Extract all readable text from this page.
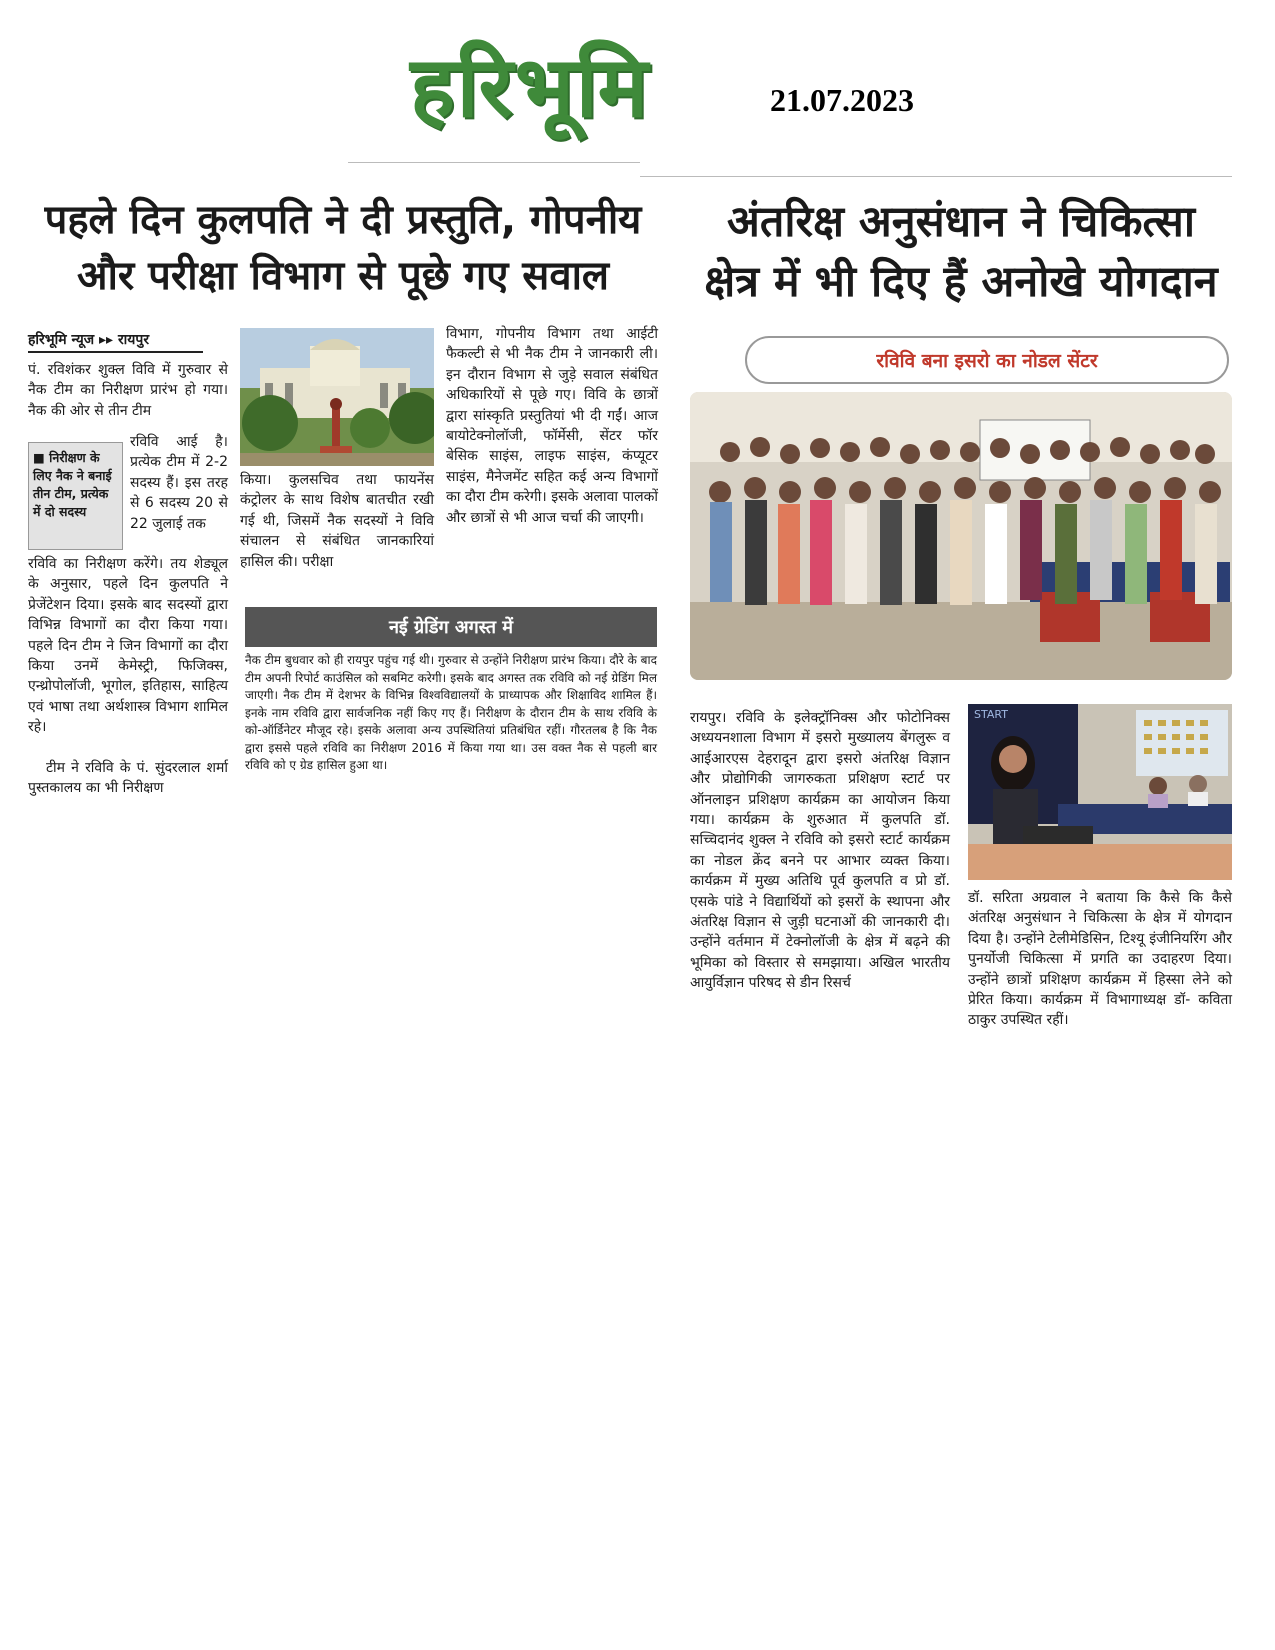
हरिभूमि	21.07.2023
पहले दिन कुलपति ने दी प्रस्तुति, गोपनीय
और परीक्षा विभाग से पूछे गए सवाल
हरिभूमि न्यूज ▸▸ रायपुर
पं. रविशंकर शुक्ल विवि में गुरुवार से नैक टीम का निरीक्षण प्रारंभ हो गया। नैक की ओर से तीन टीम
■ निरीक्षण के लिए नैक ने बनाई तीन टीम, प्रत्येक में दो सदस्य
रविवि आई है। प्रत्येक टीम में 2-2 सदस्य हैं। इस तरह से 6 सदस्य 20 से 22 जुलाई तक
रविवि का निरीक्षण करेंगे। तय शेड्यूल के अनुसार, पहले दिन कुलपति ने प्रेजेंटेशन दिया। इसके बाद सदस्यों द्वारा विभिन्न विभागों का दौरा किया गया। पहले दिन टीम ने जिन विभागों का दौरा किया उनमें केमेस्ट्री, फिजिक्स, एन्थ्रोपोलॉजी, भूगोल, इतिहास, साहित्य एवं भाषा तथा अर्थशास्त्र विभाग शामिल रहे।
टीम ने रविवि के पं. सुंदरलाल शर्मा पुस्तकालय का भी निरीक्षण
किया। कुलसचिव तथा फायनेंस कंट्रोलर के साथ विशेष बातचीत रखी गई थी, जिसमें नैक सदस्यों ने विवि संचालन से संबंधित जानकारियां हासिल की। परीक्षा
विभाग, गोपनीय विभाग तथा आईटी फैकल्टी से भी नैक टीम ने जानकारी ली। इन दौरान विभाग से जुड़े सवाल संबंधित अधिकारियों से पूछे गए। विवि के छात्रों द्वारा सांस्कृति प्रस्तुतियां भी दी गईं। आज बायोटेक्नोलॉजी, फॉर्मेसी, सेंटर फॉर बेसिक साइंस, लाइफ साइंस, कंप्यूटर साइंस, मैनेजमेंट सहित कई अन्य विभागों का दौरा टीम करेगी। इसके अलावा पालकों और छात्रों से भी आज चर्चा की जाएगी।
नई ग्रेडिंग अगस्त में
नैक टीम बुधवार को ही रायपुर पहुंच गई थी। गुरुवार से उन्होंने निरीक्षण प्रारंभ किया। दौरे के बाद टीम अपनी रिपोर्ट काउंसिल को सबमिट करेगी। इसके बाद अगस्त तक रविवि को नई ग्रेडिंग मिल जाएगी। नैक टीम में देशभर के विभिन्न विश्वविद्यालयों के प्राध्यापक और शिक्षाविद शामिल हैं। इनके नाम रविवि द्वारा सार्वजनिक नहीं किए गए हैं। निरीक्षण के दौरान टीम के साथ रविवि के को-ऑर्डिनेटर मौजूद रहे। इसके अलावा अन्य उपस्थितियां प्रतिबंधित रहीं। गौरतलब है कि नैक द्वारा इससे पहले रविवि का निरीक्षण 2016 में किया गया था। उस वक्त नैक से पहली बार रविवि को ए ग्रेड हासिल हुआ था।
अंतरिक्ष अनुसंधान ने चिकित्सा
क्षेत्र में भी दिए हैं अनोखे योगदान
रविवि बना इसरो का नोडल सेंटर
रायपुर। रविवि के इलेक्ट्रॉनिक्स और फोटोनिक्स अध्ययनशाला विभाग में इसरो मुख्यालय बेंगलुरू व आईआरएस देहरादून द्वारा इसरो अंतरिक्ष विज्ञान और प्रोद्योगिकी जागरुकता प्रशिक्षण स्टार्ट पर ऑनलाइन प्रशिक्षण कार्यक्रम का आयोजन किया गया। कार्यक्रम के शुरुआत में कुलपति डॉ. सच्चिदानंद शुक्ल ने रविवि को इसरो स्टार्ट कार्यक्रम का नोडल क्रेंद बनने पर आभार व्यक्त किया। कार्यक्रम में मुख्य अतिथि पूर्व कुलपति व प्रो डॉ. एसके पांडे ने विद्यार्थियों को इसरों के स्थापना और अंतरिक्ष विज्ञान से जुड़ी घटनाओं की जानकारी दी। उन्होंने वर्तमान में टेक्नोलॉजी के क्षेत्र में बढ़ने की भूमिका को विस्तार से समझाया। अखिल भारतीय आयुर्विज्ञान परिषद से डीन रिसर्च
START
डॉ. सरिता अग्रवाल ने बताया कि कैसे कि कैसे अंतरिक्ष अनुसंधान ने चिकित्सा के क्षेत्र में योगदान दिया है। उन्होंने टेलीमेडिसिन, टिश्यू इंजीनियरिंग और पुनर्योजी चिकित्सा में प्रगति का उदाहरण दिया। उन्होंने छात्रों प्रशिक्षण कार्यक्रम में हिस्सा लेने को प्रेरित किया। कार्यक्रम में विभागाध्यक्ष डॉ- कविता ठाकुर उपस्थित रहीं।
